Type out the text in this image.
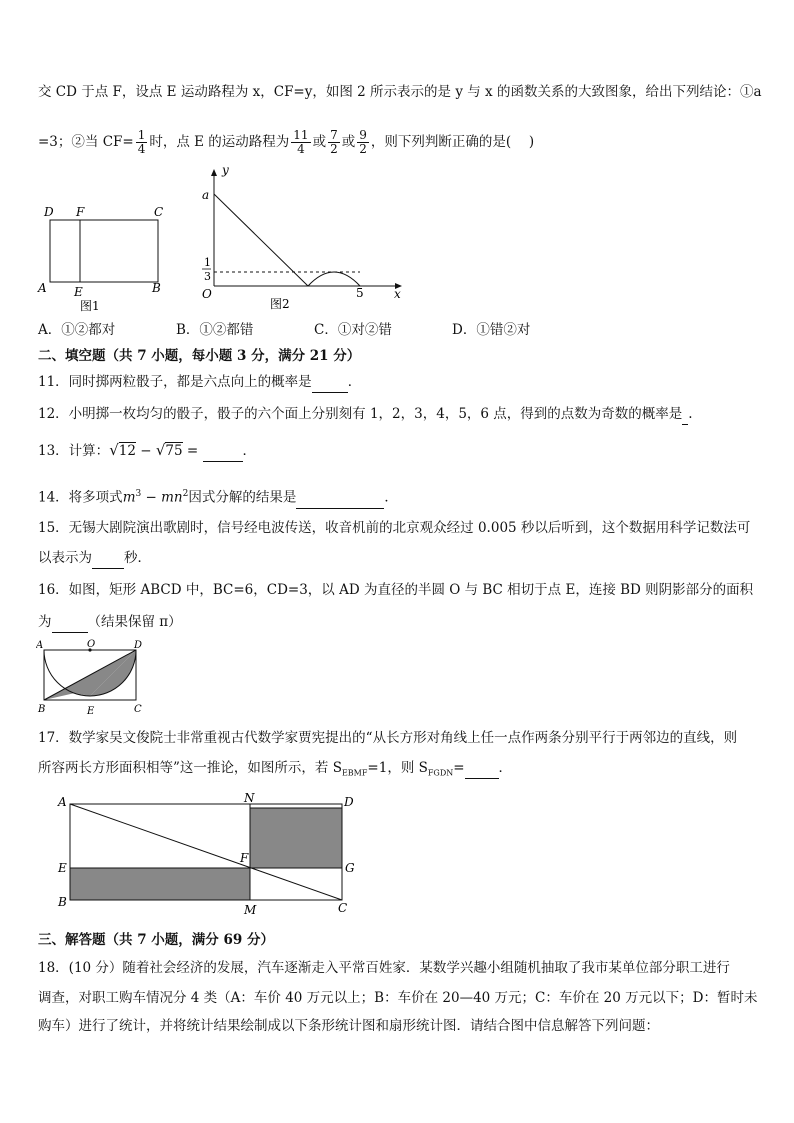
交 CD 于点 F，设点 E 运动路程为 x，CF=y，如图 2 所示表示的是 y 与 x 的函数关系的大致图象，给出下列结论：①a
=3；②当 $CF= \frac{1}{4}$ 时，点 E 的运动路程为 $\frac{11}{4}$ 或 $\frac{7}{2}$ 或 $\frac{9}{2}$ ，则下列判断正确的是(　 )
D F	C
A E	B
图1
y
a
1
3
O	5	x
图2
A．①②都对	B．①②都错	C．①对②错	D．①错②对
二、填空题（共 7 小题，每小题 3 分，满分 21 分）
11．同时掷两粒骰子，都是六点向上的概率是	．
12．小明掷一枚均匀的骰子，骰子的六个面上分别刻有 1，2，3，4，5，6 点，得到的点数为奇数的概率是 .
13．计算：√12 − √75 =	．
14．将多项式$m^3 - mn^2$因式分解的结果是	．
15．无锡大剧院演出歌剧时，信号经电波传送，收音机前的北京观众经过 0.005 秒以后听到，这个数据用科学记数法可
以表示为 秒．
16．如图，矩形 ABCD 中，BC=6，CD=3，以 AD 为直径的半圆 O 与 BC 相切于点 E，连接 BD 则阴影部分的面积
为	（结果保留 π）
A	O	D
B	E	C
17．数学家吴文俊院士非常重视古代数学家贾宪提出的“从长方形对角线上任一点作两条分别平行于两邻边的直线，则
所容两长方形面积相等”这一推论，如图所示，若 $S_{EBMF}=1$，则 $S_{FGDN}=$	．
A	N	D
E
F
G
B
M	C
三、解答题（共 7 小题，满分 69 分）
18．(10 分）随着社会经济的发展，汽车逐渐走入平常百姓家．某数学兴趣小组随机抽取了我市某单位部分职工进行
调查，对职工购车情况分 4 类（A：车价 40 万元以上；B：车价在 20—40 万元；C：车价在 20 万元以下；D：暂时未
购车）进行了统计，并将统计结果绘制成以下条形统计图和扇形统计图．请结合图中信息解答下列问题：
